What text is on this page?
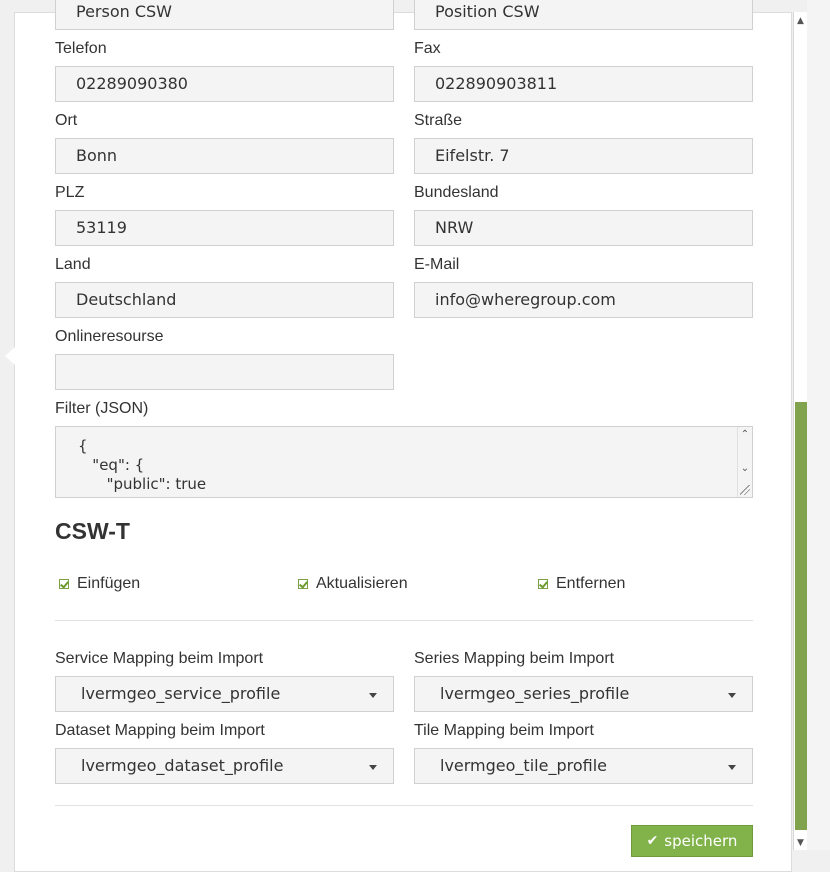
Person CSW	Position CSW
Telefon	Fax
02289090380	022890903811
Ort	Straße
Bonn	Eifelstr. 7
PLZ	Bundesland
53119	NRW
Land	E-Mail
Deutschland	info@wheregroup.com
Onlineresourse
Filter (JSON)
{
"eq": {
"public": true
⌃
⌄
CSW-T
Einfügen	Aktualisieren	Entfernen
Service Mapping beim Import	Series Mapping beim Import
lvermgeo_service_profile	lvermgeo_series_profile
Dataset Mapping beim Import	Tile Mapping beim Import
lvermgeo_dataset_profile	lvermgeo_tile_profile
✔ speichern
▲
▼
